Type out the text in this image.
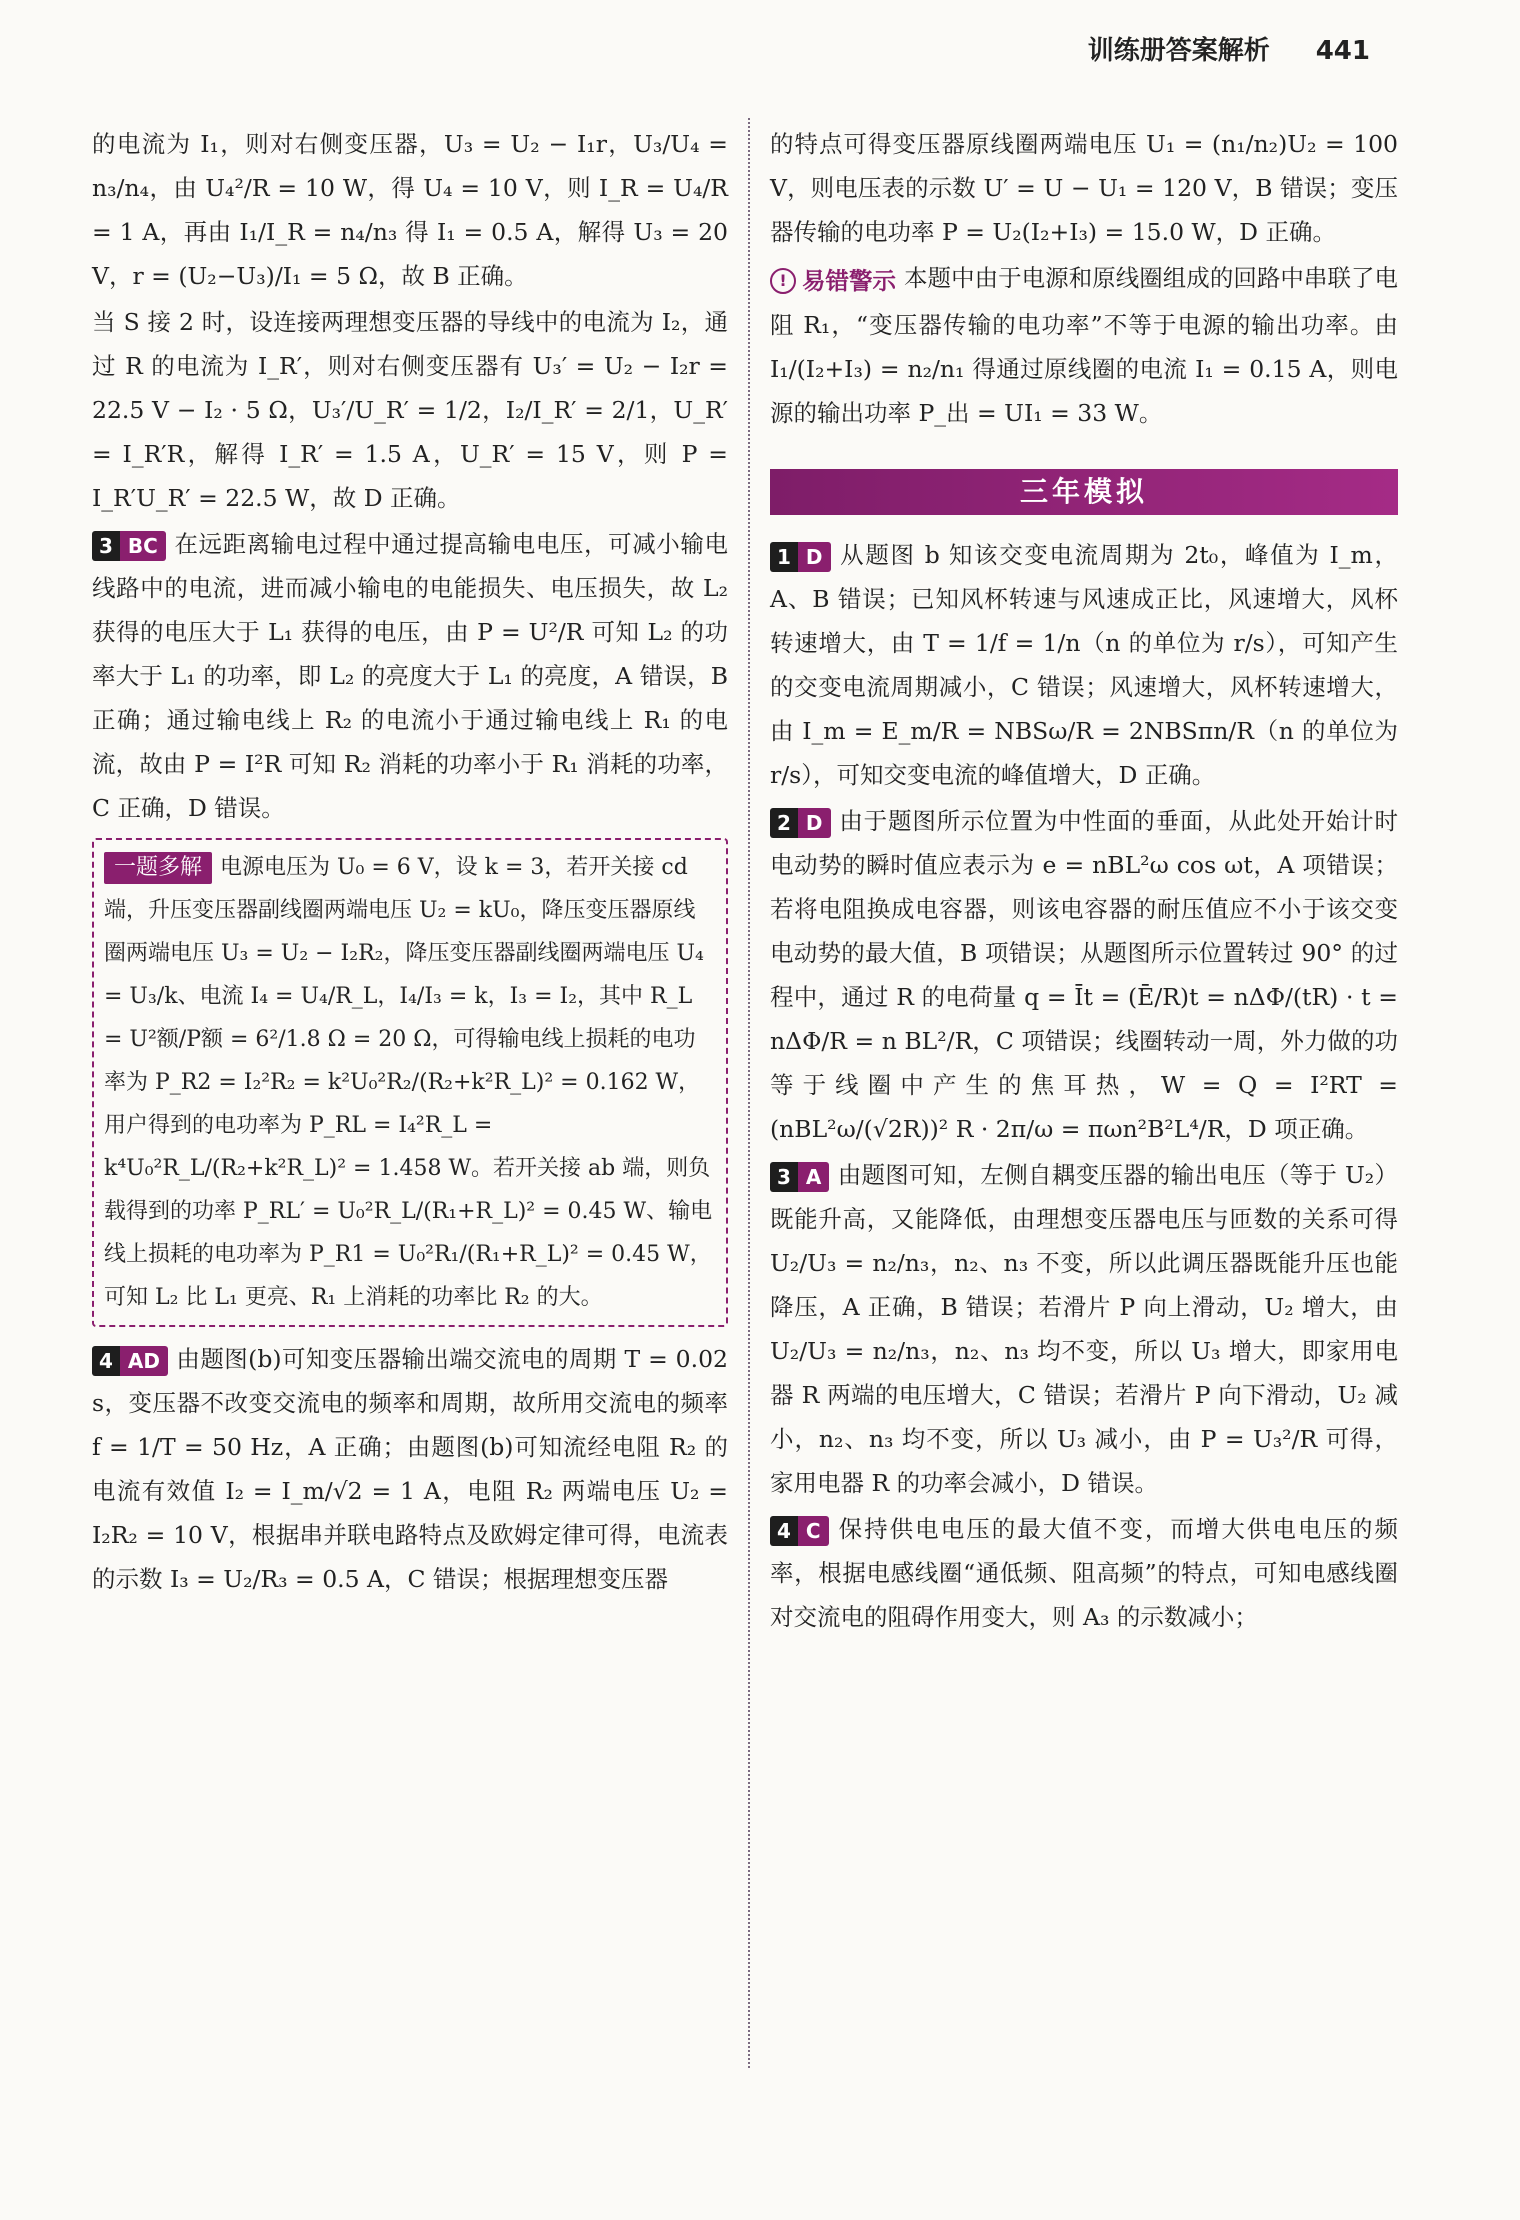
训练册答案解析 441

的电流为 I₁，则对右侧变压器，U₃ = U₂ − I₁r，U₃/U₄ = n₃/n₄，由 U₄²/R = 10 W，得 U₄ = 10 V，则 I_R = U₄/R = 1 A，再由 I₁/I_R = n₄/n₃ 得 I₁ = 0.5 A，解得 U₃ = 20 V，r = (U₂−U₃)/I₁ = 5 Ω，故 B 正确。

当 S 接 2 时，设连接两理想变压器的导线中的电流为 I₂，通过 R 的电流为 I_R′，则对右侧变压器有 U₃′ = U₂ − I₂r = 22.5 V − I₂ · 5 Ω，U₃′/U_R′ = 1/2，I₂/I_R′ = 2/1，U_R′ = I_R′R，解得 I_R′ = 1.5 A，U_R′ = 15 V，则 P = I_R′U_R′ = 22.5 W，故 D 正确。

3 BC 在远距离输电过程中通过提高输电电压，可减小输电线路中的电流，进而减小输电的电能损失、电压损失，故 L₂ 获得的电压大于 L₁ 获得的电压，由 P = U²/R 可知 L₂ 的功率大于 L₁ 的功率，即 L₂ 的亮度大于 L₁ 的亮度，A 错误，B 正确；通过输电线上 R₂ 的电流小于通过输电线上 R₁ 的电流，故由 P = I²R 可知 R₂ 消耗的功率小于 R₁ 消耗的功率，C 正确，D 错误。

一题多解 电源电压为 U₀ = 6 V，设 k = 3，若开关接 cd 端，升压变压器副线圈两端电压 U₂ = kU₀，降压变压器原线圈两端电压 U₃ = U₂ − I₂R₂，降压变压器副线圈两端电压 U₄ = U₃/k、电流 I₄ = U₄/R_L，I₄/I₃ = k，I₃ = I₂，其中 R_L = U²额/P额 = 6²/1.8 Ω = 20 Ω，可得输电线上损耗的电功率为 P_R2 = I₂²R₂ = k²U₀²R₂/(R₂+k²R_L)² = 0.162 W，用户得到的电功率为 P_RL = I₄²R_L = k⁴U₀²R_L/(R₂+k²R_L)² = 1.458 W。若开关接 ab 端，则负载得到的功率 P_RL′ = U₀²R_L/(R₁+R_L)² = 0.45 W、输电线上损耗的电功率为 P_R1 = U₀²R₁/(R₁+R_L)² = 0.45 W，可知 L₂ 比 L₁ 更亮、R₁ 上消耗的功率比 R₂ 的大。

4 AD 由题图(b)可知变压器输出端交流电的周期 T = 0.02 s，变压器不改变交流电的频率和周期，故所用交流电的频率 f = 1/T = 50 Hz，A 正确；由题图(b)可知流经电阻 R₂ 的电流有效值 I₂ = I_m/√2 = 1 A，电阻 R₂ 两端电压 U₂ = I₂R₂ = 10 V，根据串并联电路特点及欧姆定律可得，电流表的示数 I₃ = U₂/R₃ = 0.5 A，C 错误；根据理想变压器

的特点可得变压器原线圈两端电压 U₁ = (n₁/n₂)U₂ = 100 V，则电压表的示数 U′ = U − U₁ = 120 V，B 错误；变压器传输的电功率 P = U₂(I₂+I₃) = 15.0 W，D 正确。

! 易错警示 本题中由于电源和原线圈组成的回路中串联了电阻 R₁，“变压器传输的电功率”不等于电源的输出功率。由 I₁/(I₂+I₃) = n₂/n₁ 得通过原线圈的电流 I₁ = 0.15 A，则电源的输出功率 P_出 = UI₁ = 33 W。

三年模拟

1 D 从题图 b 知该交变电流周期为 2t₀，峰值为 I_m，A、B 错误；已知风杯转速与风速成正比，风速增大，风杯转速增大，由 T = 1/f = 1/n（n 的单位为 r/s），可知产生的交变电流周期减小，C 错误；风速增大，风杯转速增大，由 I_m = E_m/R = NBSω/R = 2NBSπn/R（n 的单位为 r/s），可知交变电流的峰值增大，D 正确。

2 D 由于题图所示位置为中性面的垂面，从此处开始计时电动势的瞬时值应表示为 e = nBL²ω cos ωt，A 项错误；若将电阻换成电容器，则该电容器的耐压值应不小于该交变电动势的最大值，B 项错误；从题图所示位置转过 90° 的过程中，通过 R 的电荷量 q = Īt = (Ē/R)t = nΔΦ/(tR) · t = nΔΦ/R = n BL²/R，C 项错误；线圈转动一周，外力做的功等于线圈中产生的焦耳热，W = Q = I²RT = (nBL²ω/(√2R))² R · 2π/ω = πωn²B²L⁴/R，D 项正确。

3 A 由题图可知，左侧自耦变压器的输出电压（等于 U₂）既能升高，又能降低，由理想变压器电压与匝数的关系可得 U₂/U₃ = n₂/n₃，n₂、n₃ 不变，所以此调压器既能升压也能降压，A 正确，B 错误；若滑片 P 向上滑动，U₂ 增大，由 U₂/U₃ = n₂/n₃，n₂、n₃ 均不变，所以 U₃ 增大，即家用电器 R 两端的电压增大，C 错误；若滑片 P 向下滑动，U₂ 减小，n₂、n₃ 均不变，所以 U₃ 减小，由 P = U₃²/R 可得，家用电器 R 的功率会减小，D 错误。

4 C 保持供电电压的最大值不变，而增大供电电压的频率，根据电感线圈“通低频、阻高频”的特点，可知电感线圈对交流电的阻碍作用变大，则 A₃ 的示数减小；
